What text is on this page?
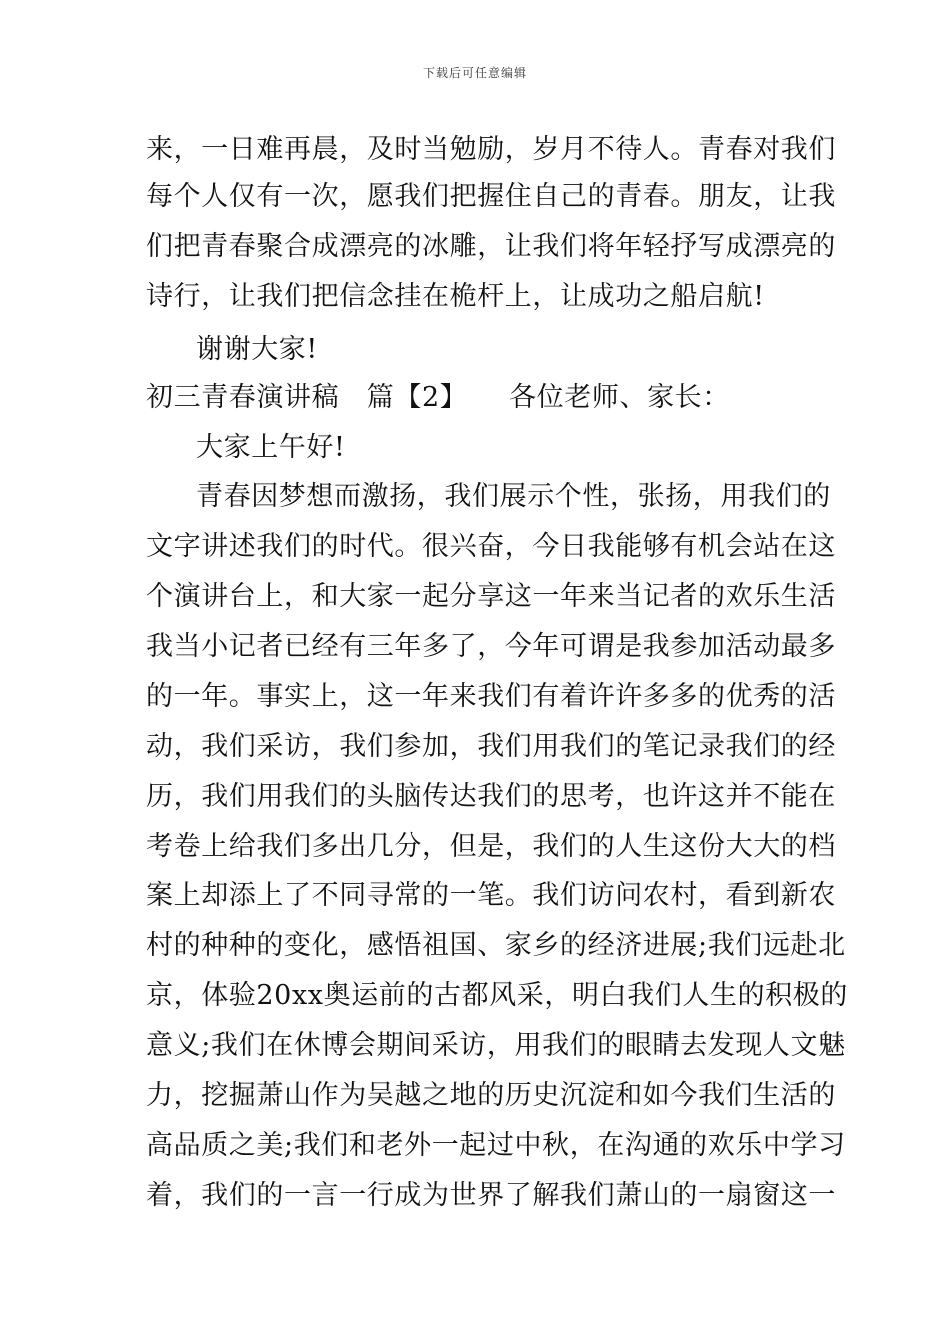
下载后可任意编辑
来，一日难再晨，及时当勉励，岁月不待人。青春对我们
每个人仅有一次，愿我们把握住自己的青春。朋友，让我
们把青春聚合成漂亮的冰雕，让我们将年轻抒写成漂亮的
诗行，让我们把信念挂在桅杆上，让成功之船启航!
谢谢大家!
初三青春演讲稿　篇【2】　　各位老师、家长：
大家上午好!
青春因梦想而激扬，我们展示个性，张扬，用我们的
文字讲述我们的时代。很兴奋，今日我能够有机会站在这
个演讲台上，和大家一起分享这一年来当记者的欢乐生活
我当小记者已经有三年多了，今年可谓是我参加活动最多
的一年。事实上，这一年来我们有着许许多多的优秀的活
动，我们采访，我们参加，我们用我们的笔记录我们的经
历，我们用我们的头脑传达我们的思考，也许这并不能在
考卷上给我们多出几分，但是，我们的人生这份大大的档
案上却添上了不同寻常的一笔。我们访问农村，看到新农
村的种种的变化，感悟祖国、家乡的经济进展;我们远赴北
京，体验20xx奥运前的古都风采，明白我们人生的积极的
意义;我们在休博会期间采访，用我们的眼睛去发现人文魅
力，挖掘萧山作为吴越之地的历史沉淀和如今我们生活的
高品质之美;我们和老外一起过中秋，在沟通的欢乐中学习
着，我们的一言一行成为世界了解我们萧山的一扇窗这一
